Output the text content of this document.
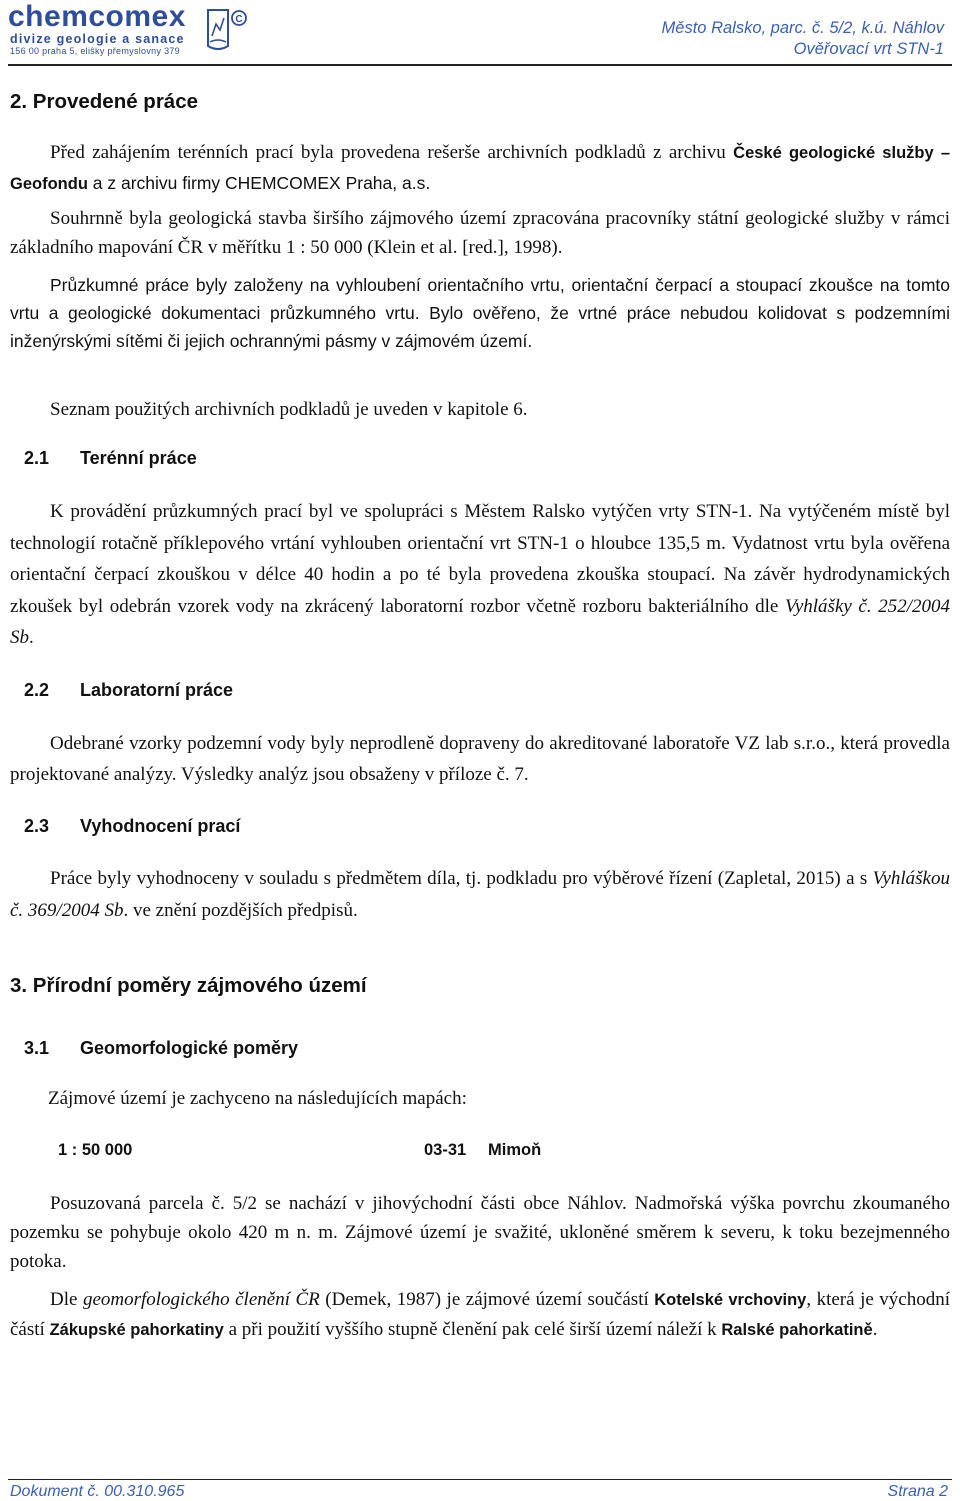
chemcomex
divize geologie a sanace
156 00 praha 5, eliŝky přemyslovny 379
C	Město Ralsko, parc. č. 5/2, k.ú. Náhlov
Ověřovací vrt STN-1
2. Provedené práce
Před zahájením terénních prací byla provedena rešerše archivních podkladů z archivu České geologické služby – Geofondu a z archivu firmy CHEMCOMEX Praha, a.s.
Souhrnně byla geologická stavba širšího zájmového území zpracována pracovníky státní geologické služby v rámci základního mapování ČR v měřítku 1 : 50 000 (Klein et al. [red.], 1998).
Průzkumné práce byly založeny na vyhloubení orientačního vrtu, orientační čerpací a stoupací zkoušce na tomto vrtu a geologické dokumentaci průzkumného vrtu. Bylo ověřeno, že vrtné práce nebudou kolidovat s podzemními inženýrskými sítěmi či jejich ochrannými pásmy v zájmovém území.
Seznam použitých archivních podkladů je uveden v kapitole 6.
2.1 Terénní práce
K provádění průzkumných prací byl ve spolupráci s Městem Ralsko vytýčen vrty STN-1. Na vytýčeném místě byl technologií rotačně příklepového vrtání vyhlouben orientační vrt STN-1 o hloubce 135,5 m. Vydatnost vrtu byla ověřena orientační čerpací zkouškou v délce 40 hodin a po té byla provedena zkouška stoupací. Na závěr hydrodynamických zkoušek byl odebrán vzorek vody na zkrácený laboratorní rozbor včetně rozboru bakteriálního dle Vyhlášky č. 252/2004 Sb.
2.2 Laboratorní práce
Odebrané vzorky podzemní vody byly neprodleně dopraveny do akreditované laboratoře VZ lab s.r.o., která provedla projektované analýzy. Výsledky analýz jsou obsaženy v příloze č. 7.
2.3 Vyhodnocení prací
Práce byly vyhodnoceny v souladu s předmětem díla, tj. podkladu pro výběrové řízení (Zapletal, 2015) a s Vyhláškou č. 369/2004 Sb. ve znění pozdějších předpisů.
3. Přírodní poměry zájmového území
3.1 Geomorfologické poměry
Zájmové území je zachyceno na následujících mapách:
1 : 50 000	03-31 Mimoň
Posuzovaná parcela č. 5/2 se nachází v jihovýchodní části obce Náhlov. Nadmořská výška povrchu zkoumaného pozemku se pohybuje okolo 420 m n. m. Zájmové území je svažité, ukloněné směrem k severu, k toku bezejmenného potoka.
Dle geomorfologického členění ČR (Demek, 1987) je zájmové území součástí Kotelské vrchoviny, která je východní částí Zákupské pahorkatiny a při použití vyššího stupně členění pak celé širší území náleží k Ralské pahorkatině.
Dokument č. 00.310.965	Strana 2
